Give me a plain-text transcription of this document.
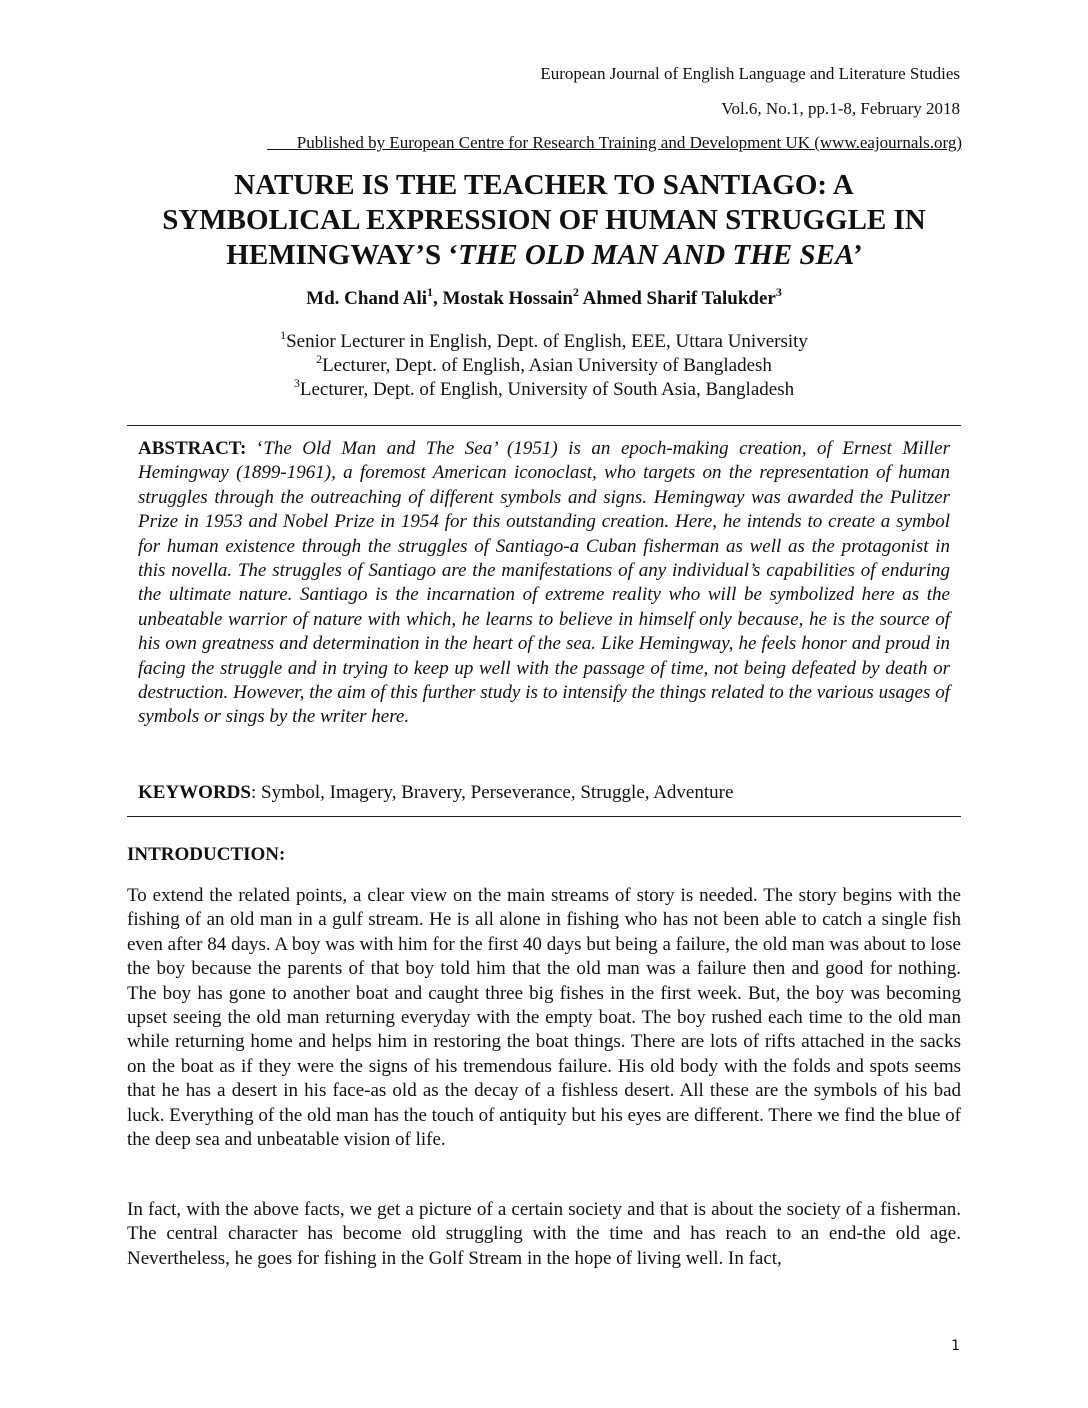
European Journal of English Language and Literature Studies
Vol.6, No.1, pp.1-8, February 2018
Published by European Centre for Research Training and Development UK (www.eajournals.org)
NATURE IS THE TEACHER TO SANTIAGO: A
SYMBOLICAL EXPRESSION OF HUMAN STRUGGLE IN
HEMINGWAY’S ‘THE OLD MAN AND THE SEA’
Md. Chand Ali$^1$, Mostak Hossain$^2$ Ahmed Sharif Talukder$^3$
$^1$Senior Lecturer in English, Dept. of English, EEE, Uttara University
$^2$Lecturer, Dept. of English, Asian University of Bangladesh
$^3$Lecturer, Dept. of English, University of South Asia, Bangladesh

ABSTRACT: ‘The Old Man and The Sea’ (1951) is an epoch-making creation, of Ernest Miller Hemingway (1899-1961), a foremost American iconoclast, who targets on the representation of human struggles through the outreaching of different symbols and signs. Hemingway was awarded the Pulitzer Prize in 1953 and Nobel Prize in 1954 for this outstanding creation. Here, he intends to create a symbol for human existence through the struggles of Santiago-a Cuban fisherman as well as the protagonist in this novella. The struggles of Santiago are the manifestations of any individual’s capabilities of enduring the ultimate nature. Santiago is the incarnation of extreme reality who will be symbolized here as the unbeatable warrior of nature with which, he learns to believe in himself only because, he is the source of his own greatness and determination in the heart of the sea. Like Hemingway, he feels honor and proud in facing the struggle and in trying to keep up well with the passage of time, not being defeated by death or destruction. However, the aim of this further study is to intensify the things related to the various usages of symbols or sings by the writer here.

KEYWORDS: Symbol, Imagery, Bravery, Perseverance, Struggle, Adventure
INTRODUCTION:

To extend the related points, a clear view on the main streams of story is needed. The story begins with the fishing of an old man in a gulf stream. He is all alone in fishing who has not been able to catch a single fish even after 84 days. A boy was with him for the first 40 days but being a failure, the old man was about to lose the boy because the parents of that boy told him that the old man was a failure then and good for nothing. The boy has gone to another boat and caught three big fishes in the first week. But, the boy was becoming upset seeing the old man returning everyday with the empty boat. The boy rushed each time to the old man while returning home and helps him in restoring the boat things. There are lots of rifts attached in the sacks on the boat as if they were the signs of his tremendous failure. His old body with the folds and spots seems that he has a desert in his face-as old as the decay of a fishless desert. All these are the symbols of his bad luck. Everything of the old man has the touch of antiquity but his eyes are different. There we find the blue of the deep sea and unbeatable vision of life.

In fact, with the above facts, we get a picture of a certain society and that is about the society of a fisherman. The central character has become old struggling with the time and has reach to an end-the old age. Nevertheless, he goes for fishing in the Golf Stream in the hope of living well. In fact,

1
